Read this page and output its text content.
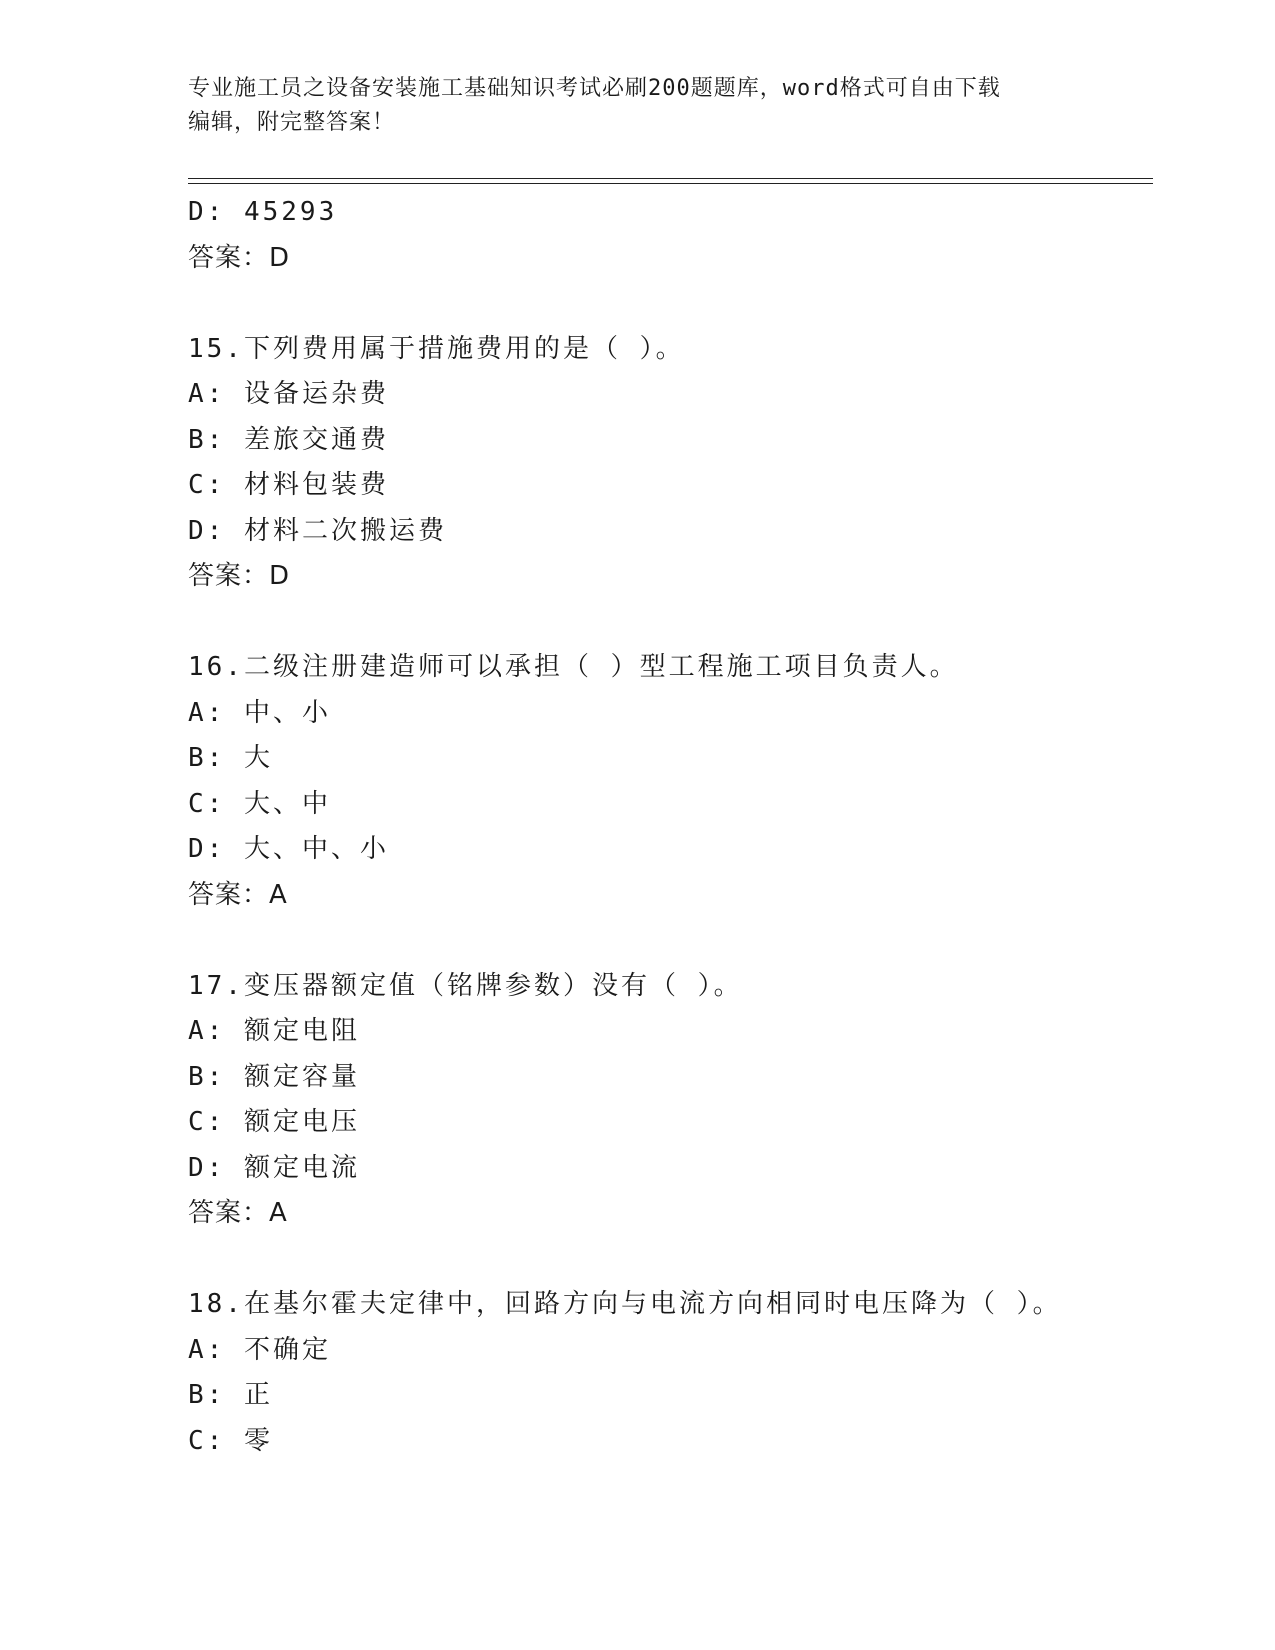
专业施工员之设备安装施工基础知识考试必刷200题题库，word格式可自由下载
编辑，附完整答案！
D: 45293
答案：D
15.下列费用属于措施费用的是（ ）。
A: 设备运杂费
B: 差旅交通费
C: 材料包装费
D: 材料二次搬运费
答案：D
16.二级注册建造师可以承担（ ）型工程施工项目负责人。
A: 中、小
B: 大
C: 大、中
D: 大、中、小
答案：A
17.变压器额定值（铭牌参数）没有（ ）。
A: 额定电阻
B: 额定容量
C: 额定电压
D: 额定电流
答案：A
18.在基尔霍夫定律中，回路方向与电流方向相同时电压降为（ ）。
A: 不确定
B: 正
C: 零
